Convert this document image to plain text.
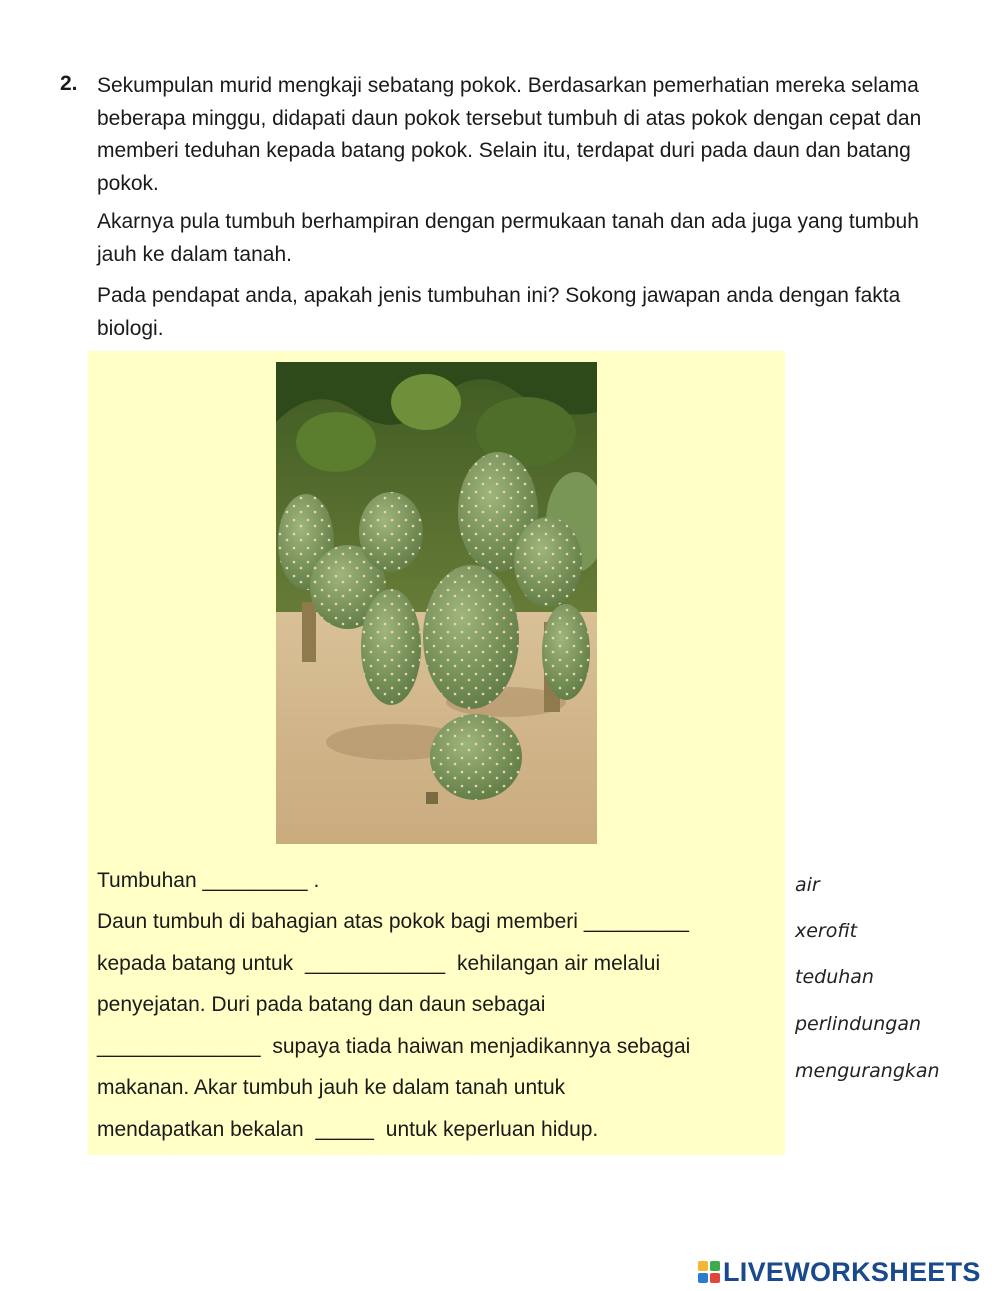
2. Sekumpulan murid mengkaji sebatang pokok. Berdasarkan pemerhatian mereka selama beberapa minggu, didapati daun pokok tersebut tumbuh di atas pokok dengan cepat dan memberi teduhan kepada batang pokok. Selain itu, terdapat duri pada daun dan batang pokok.

Akarnya pula tumbuh berhampiran dengan permukaan tanah dan ada juga yang tumbuh jauh ke dalam tanah.

Pada pendapat anda, apakah jenis tumbuhan ini? Sokong jawapan anda dengan fakta biologi.

Tumbuhan _________ .
Daun tumbuh di bahagian atas pokok bagi memberi _________
kepada batang untuk ____________ kehilangan air melalui
penyejatan. Duri pada batang dan daun sebagai
______________ supaya tiada haiwan menjadikannya sebagai
makanan. Akar tumbuh jauh ke dalam tanah untuk
mendapatkan bekalan _____ untuk keperluan hidup.
air
xerofit
teduhan
perlindungan
mengurangkan
LIVEWORKSHEETS
